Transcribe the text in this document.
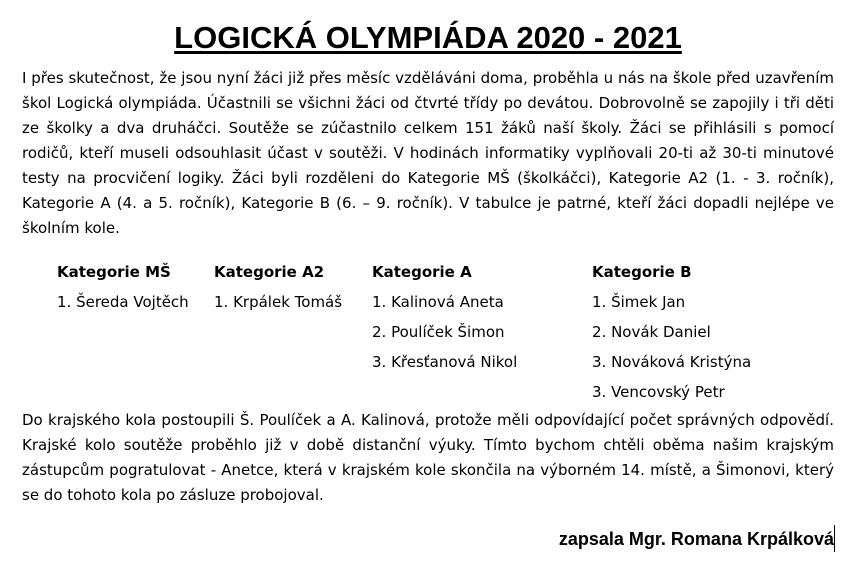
LOGICKÁ OLYMPIÁDA 2020 - 2021

I přes skutečnost, že jsou nyní žáci již přes měsíc vzděláváni doma, proběhla u nás na škole před uzavřením škol Logická olympiáda. Účastnili se všichni žáci od čtvrté třídy po devátou. Dobrovolně se zapojily i tři děti ze školky a dva druháčci. Soutěže se zúčastnilo celkem 151 žáků naší školy. Žáci se přihlásili s pomocí rodičů, kteří museli odsouhlasit účast v soutěži. V hodinách informatiky vyplňovali 20-ti až 30-ti minutové testy na procvičení logiky. Žáci byli rozděleni do Kategorie MŠ (školkáčci), Kategorie A2 (1. - 3. ročník), Kategorie A (4. a 5. ročník), Kategorie B (6. – 9. ročník). V tabulce je patrné, kteří žáci dopadli nejlépe ve školním kole.

Kategorie MŠ
1. Šereda Vojtěch
Kategorie A2
1. Krpálek Tomáš
Kategorie A
1. Kalinová Aneta
2. Poulíček Šimon
3. Křesťanová Nikol
Kategorie B
1. Šimek Jan
2. Novák Daniel
3. Nováková Kristýna
3. Vencovský Petr

Do krajského kola postoupili Š. Poulíček a A. Kalinová, protože měli odpovídající počet správných odpovědí. Krajské kolo soutěže proběhlo již v době distanční výuky. Tímto bychom chtěli oběma našim krajským zástupcům pogratulovat - Anetce, která v krajském kole skončila na výborném 14. místě, a Šimonovi, který se do tohoto kola po zásluze probojoval.

zapsala Mgr. Romana Krpálková
